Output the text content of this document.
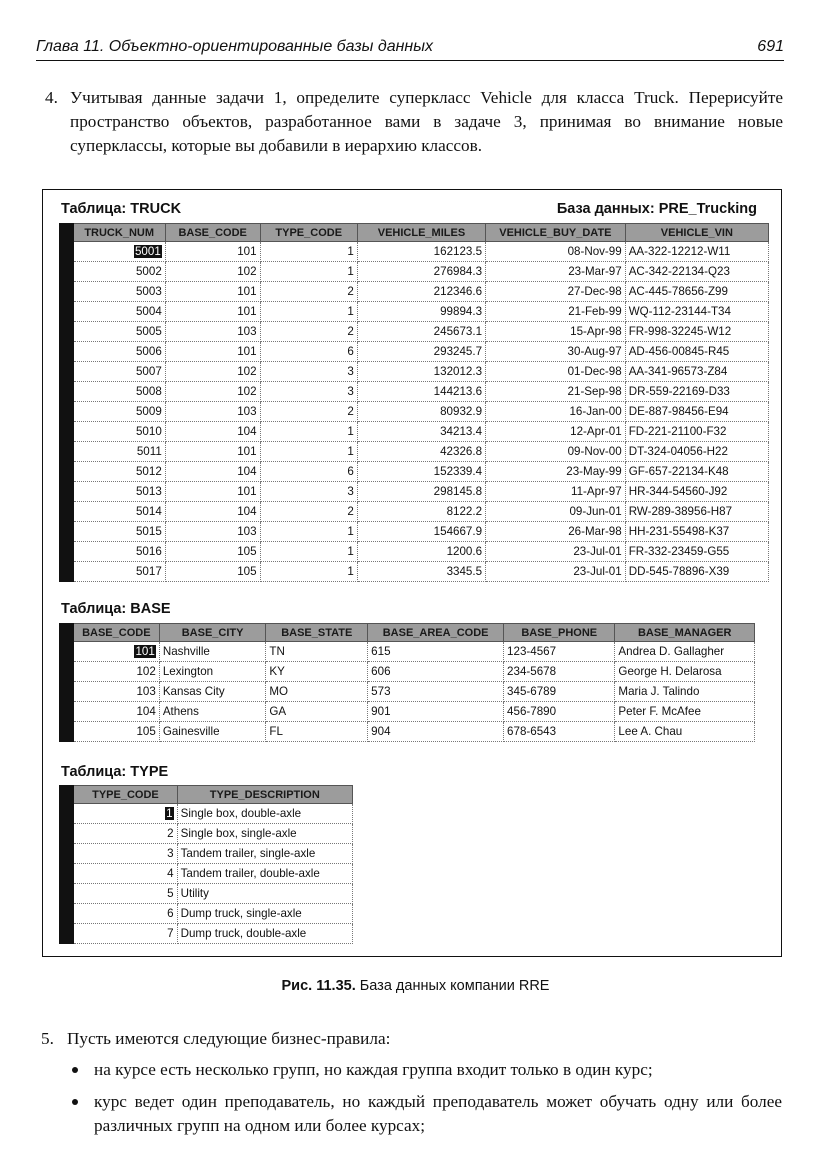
Глава 11. Объектно-ориентированные базы данных	691
4. Учитывая данные задачи 1, определите суперкласс Vehicle для класса Truck. Перерисуйте пространство объектов, разработанное вами в задаче 3, принимая во внимание новые суперклассы, которые вы добавили в иерархию классов.
Таблица: TRUCK	База данных: PRE_Trucking
	TRUCK_NUM	BASE_CODE	TYPE_CODE	VEHICLE_MILES	VEHICLE_BUY_DATE	VEHICLE_VIN
	5001	101	1	162123.5	08-Nov-99	AA-322-12212-W11
	5002	102	1	276984.3	23-Mar-97	AC-342-22134-Q23
	5003	101	2	212346.6	27-Dec-98	AC-445-78656-Z99
	5004	101	1	99894.3	21-Feb-99	WQ-112-23144-T34
	5005	103	2	245673.1	15-Apr-98	FR-998-32245-W12
	5006	101	6	293245.7	30-Aug-97	AD-456-00845-R45
	5007	102	3	132012.3	01-Dec-98	AA-341-96573-Z84
	5008	102	3	144213.6	21-Sep-98	DR-559-22169-D33
	5009	103	2	80932.9	16-Jan-00	DE-887-98456-E94
	5010	104	1	34213.4	12-Apr-01	FD-221-21100-F32
	5011	101	1	42326.8	09-Nov-00	DT-324-04056-H22
	5012	104	6	152339.4	23-May-99	GF-657-22134-K48
	5013	101	3	298145.8	11-Apr-97	HR-344-54560-J92
	5014	104	2	8122.2	09-Jun-01	RW-289-38956-H87
	5015	103	1	154667.9	26-Mar-98	HH-231-55498-K37
	5016	105	1	1200.6	23-Jul-01	FR-332-23459-G55
	5017	105	1	3345.5	23-Jul-01	DD-545-78896-X39
Таблица: BASE
	BASE_CODE	BASE_CITY	BASE_STATE	BASE_AREA_CODE	BASE_PHONE	BASE_MANAGER
	101	Nashville	TN	615	123-4567	Andrea D. Gallagher
	102	Lexington	KY	606	234-5678	George H. Delarosa
	103	Kansas City	MO	573	345-6789	Maria J. Talindo
	104	Athens	GA	901	456-7890	Peter F. McAfee
	105	Gainesville	FL	904	678-6543	Lee A. Chau
Таблица: TYPE
	TYPE_CODE	TYPE_DESCRIPTION
	1	Single box, double-axle
	2	Single box, single-axle
	3	Tandem trailer, single-axle
	4	Tandem trailer, double-axle
	5	Utility
	6	Dump truck, single-axle
	7	Dump truck, double-axle
Рис. 11.35. База данных компании RRE
5. Пусть имеются следующие бизнес-правила:
на курсе есть несколько групп, но каждая группа входит только в один курс;
курс ведет один преподаватель, но каждый преподаватель может обучать одну или более различных групп на одном или более курсах;
